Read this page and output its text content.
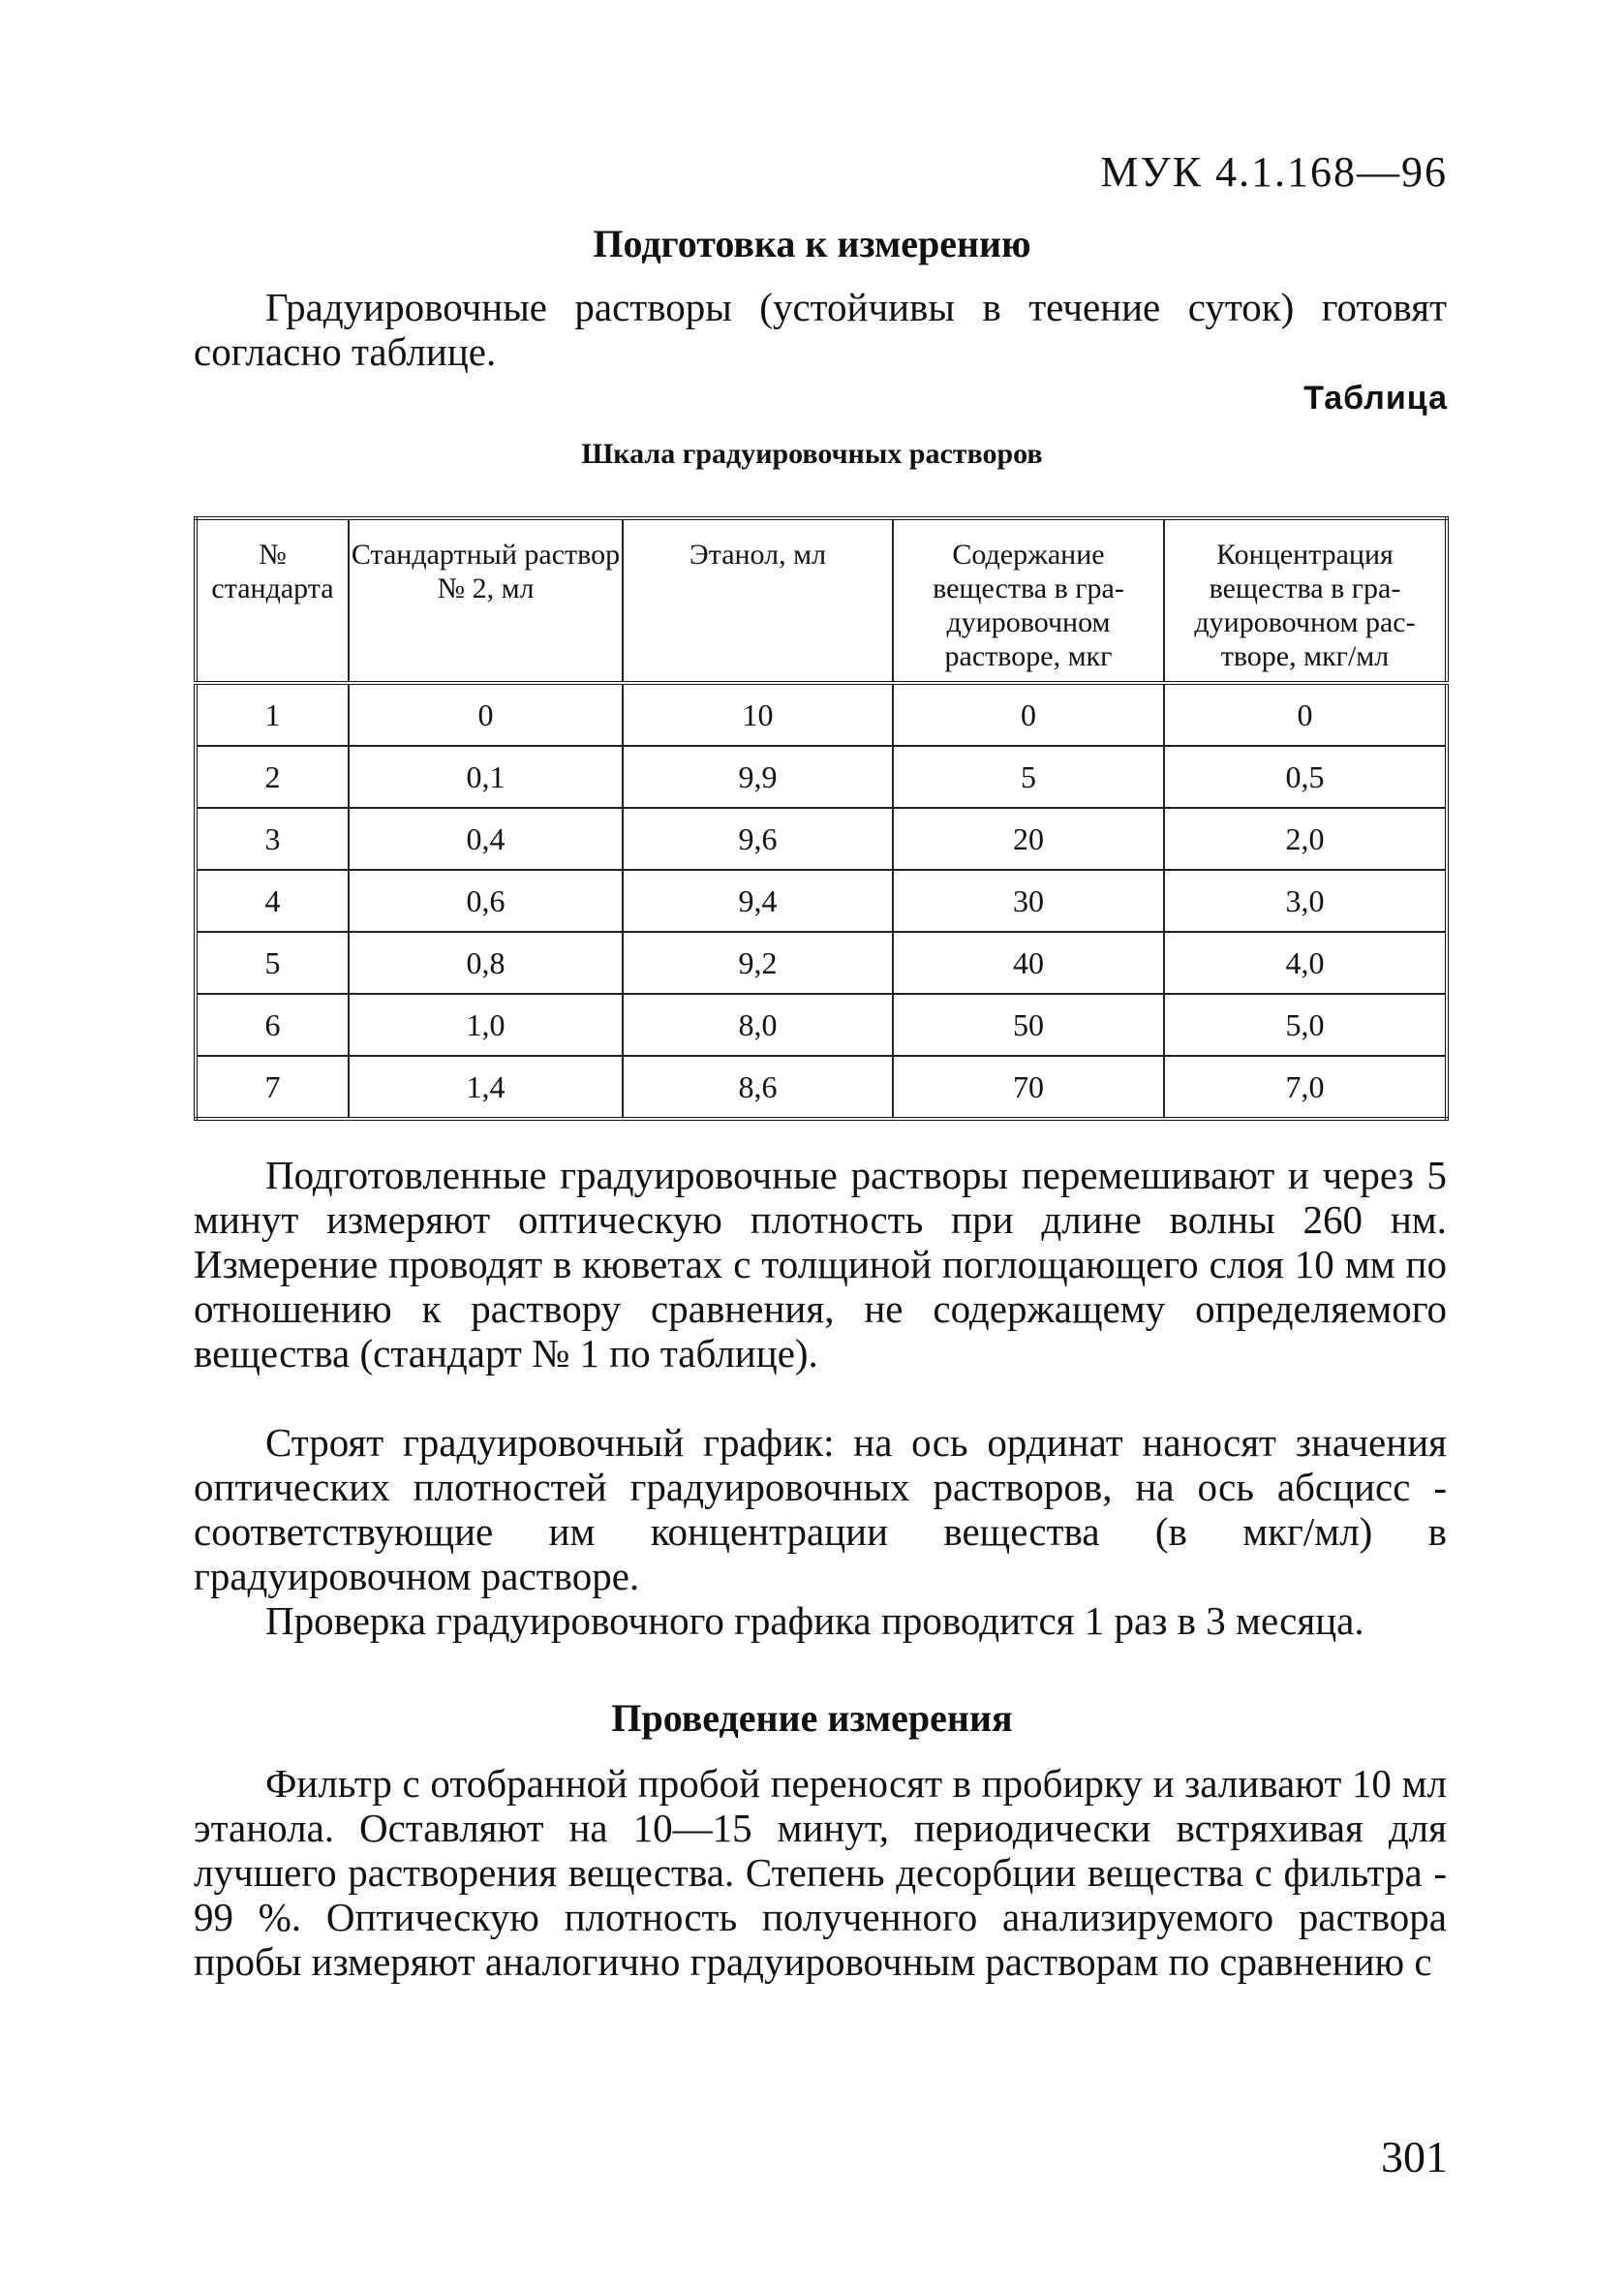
МУК 4.1.168—96
Подготовка к измерению

Градуировочные растворы (устойчивы в течение суток) готовят согласно таблице.

Таблица
Шкала градуировочных растворов
№ стандарта	Стандартный раствор № 2, мл	Этанол, мл	Содержание вещества в гра- дуировочном растворе, мкг	Концентрация вещества в гра- дуировочном рас- творе, мкг/мл
1	0	10	0	0
2	0,1	9,9	5	0,5
3	0,4	9,6	20	2,0
4	0,6	9,4	30	3,0
5	0,8	9,2	40	4,0
6	1,0	8,0	50	5,0
7	1,4	8,6	70	7,0

Подготовленные градуировочные растворы перемешивают и через 5 минут измеряют оптическую плотность при длине волны 260 нм. Измерение проводят в кюветах с толщиной поглощающего слоя 10 мм по отношению к раствору сравнения, не содержащему определяемого вещества (стандарт № 1 по таблице).

Строят градуировочный график: на ось ординат наносят значения оптических плотностей градуировочных растворов, на ось абсцисс - соответствующие им концентрации вещества (в мкг/мл) в градуировочном растворе.

Проверка градуировочного графика проводится 1 раз в 3 месяца.

Проведение измерения

Фильтр с отобранной пробой переносят в пробирку и заливают 10 мл этанола. Оставляют на 10—15 минут, периодически встряхивая для лучшего растворения вещества. Степень десорбции вещества с фильтра - 99 %. Оптическую плотность полученного анализируемого раствора пробы измеряют аналогично градуировочным растворам по сравнению с

301
